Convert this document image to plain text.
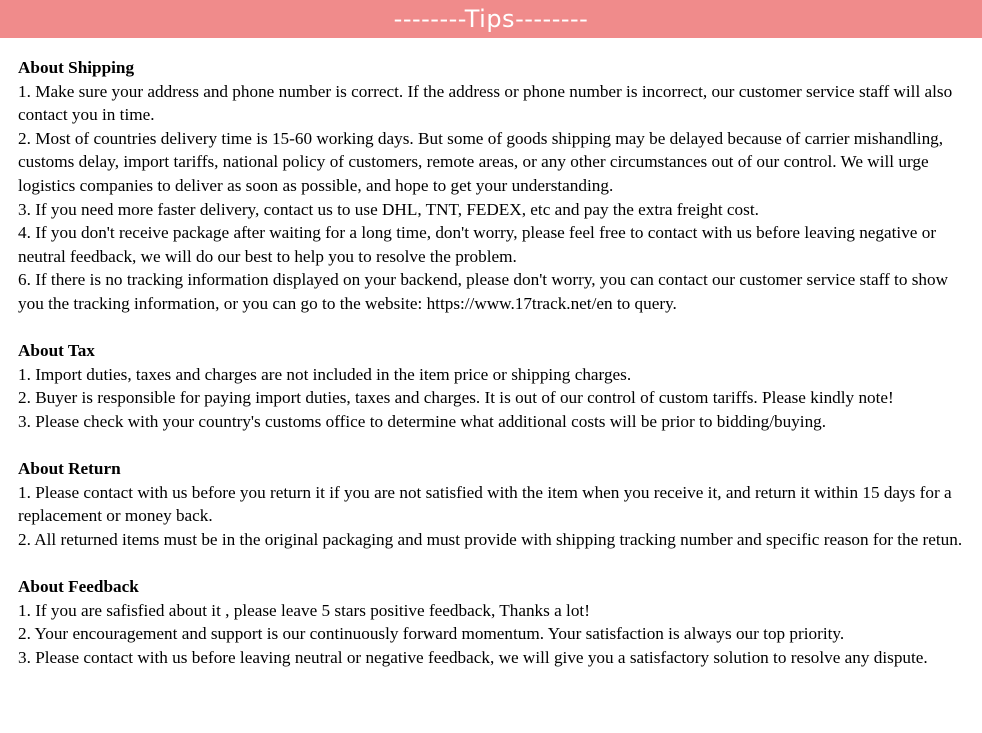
--------Tips--------
About Shipping
1. Make sure your address and phone number is correct. If the address or phone number is incorrect, our customer service staff will also contact you in time.
2. Most of countries delivery time is 15-60 working days. But some of goods shipping may be delayed because of carrier mishandling, customs delay, import tariffs, national policy of customers, remote areas, or any other circumstances out of our control. We will urge logistics companies to deliver as soon as possible, and hope to get your understanding.
3. If you need more faster delivery, contact us to use DHL, TNT, FEDEX, etc and pay the extra freight cost.
4. If you don't receive package after waiting for a long time, don't worry, please feel free to contact with us before leaving negative or neutral feedback, we will do our best to help you to resolve the problem.
6. If there is no tracking information displayed on your backend, please don't worry, you can contact our customer service staff to show you the tracking information, or you can go to the website: https://www.17track.net/en to query.
About Tax
1. Import duties, taxes and charges are not included in the item price or shipping charges.
2. Buyer is responsible for paying import duties, taxes and charges. It is out of our control of custom tariffs. Please kindly note!
3. Please check with your country's customs office to determine what additional costs will be prior to bidding/buying.
About Return
1. Please contact with us before you return it if you are not satisfied with the item when you receive it, and return it within 15 days for a replacement or money back.
2. All returned items must be in the original packaging and must provide with shipping tracking number and specific reason for the retun.
About Feedback
1. If you are safisfied about it , please leave 5 stars positive feedback, Thanks a lot!
2. Your encouragement and support is our continuously forward momentum. Your satisfaction is always our top priority.
3. Please contact with us before leaving neutral or negative feedback, we will give you a satisfactory solution to resolve any dispute.
